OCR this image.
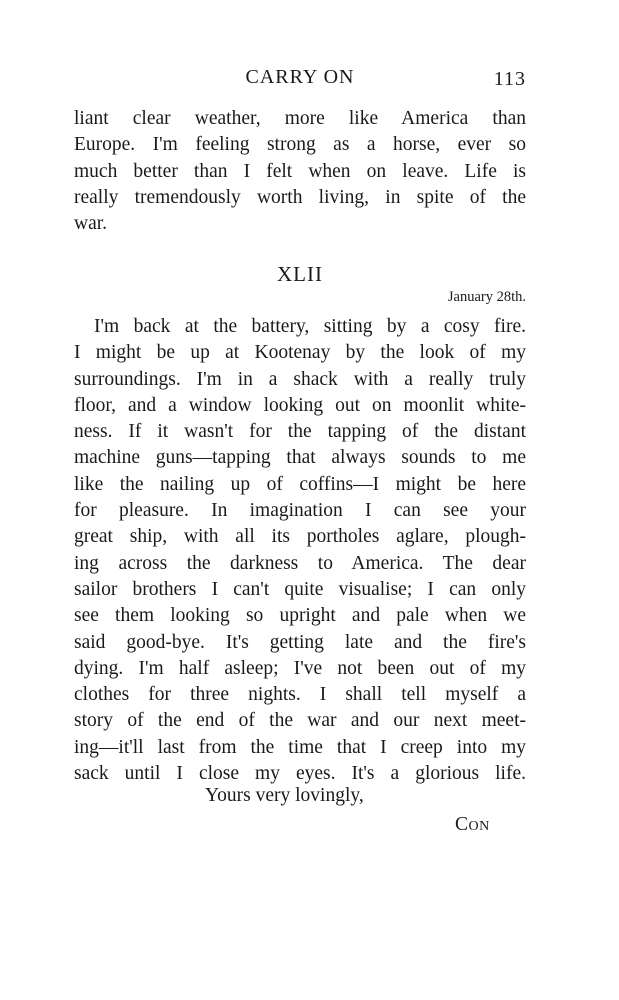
CARRY ON	113
liant clear weather, more like America than
Europe. I'm feeling strong as a horse, ever so
much better than I felt when on leave. Life is
really tremendously worth living, in spite of the
war.
XLII
January 28th.
I'm back at the battery, sitting by a cosy fire.
I might be up at Kootenay by the look of my
surroundings. I'm in a shack with a really truly
floor, and a window looking out on moonlit white-
ness. If it wasn't for the tapping of the distant
machine guns—tapping that always sounds to me
like the nailing up of coffins—I might be here
for pleasure. In imagination I can see your
great ship, with all its portholes aglare, plough-
ing across the darkness to America. The dear
sailor brothers I can't quite visualise; I can only
see them looking so upright and pale when we
said good-bye. It's getting late and the fire's
dying. I'm half asleep; I've not been out of my
clothes for three nights. I shall tell myself a
story of the end of the war and our next meet-
ing—it'll last from the time that I creep into my
sack until I close my eyes. It's a glorious life.
Yours very lovingly,
Con
